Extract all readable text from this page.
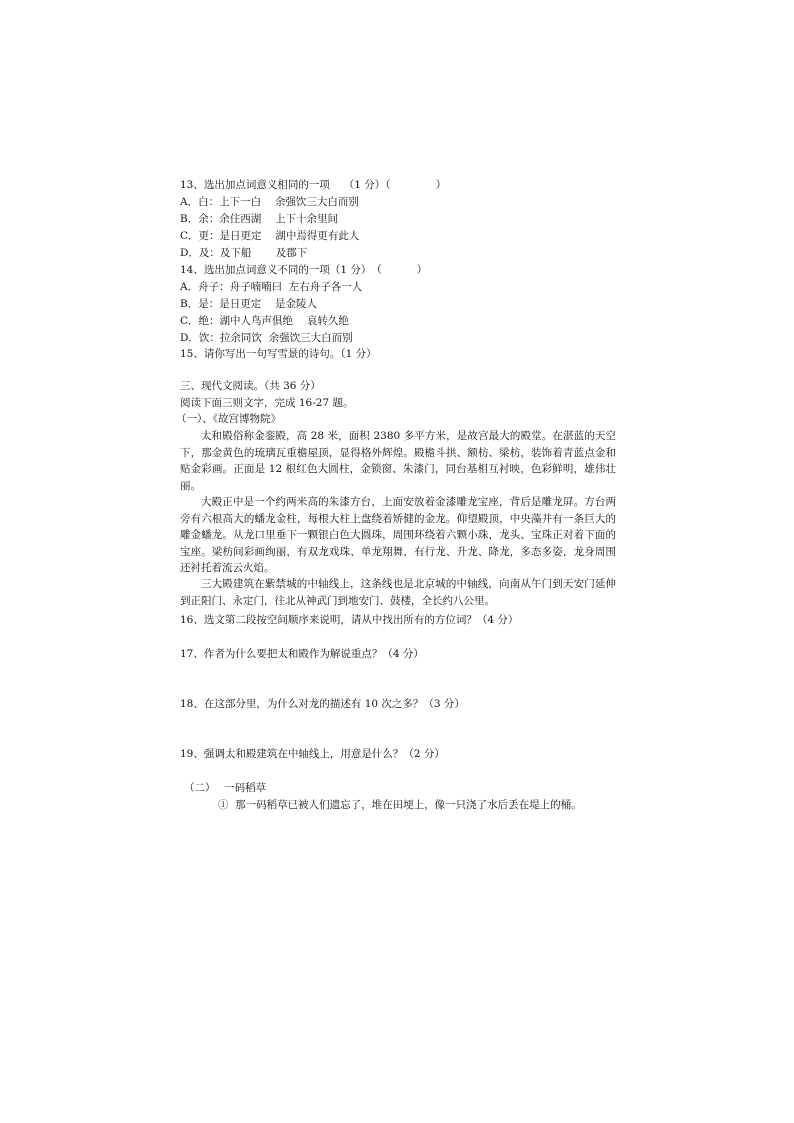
13、选出加点词意义相同的一项　 （1 分）（　　　　 ）
A．白：上下一白　 余强饮三大白而别
B．余：余住西湖　 上下十余里间
C．更：是日更定　 湖中焉得更有此人
D．及：及下船　　 及郡下
14、选出加点词意义不同的一项（1 分）　（　　　 ）
A．舟子：舟子喃喃曰  左右舟子各一人
B．是：是日更定　 是金陵人
C．绝：湖中人鸟声俱绝　 哀转久绝
D．饮：拉余同饮  余强饮三大白而别
15、请你写出一句写雪景的诗句。（1 分）
三、现代文阅读。（共 36 分）
阅读下面三则文字，完成 16-27 题。
（一）、《故宫博物院》

太和殿俗称金銮殿，高 28 米，面积 2380 多平方米，是故宫最大的殿堂。在湛蓝的天空下，那金黄色的琉璃瓦重檐屋顶，显得格外辉煌。殿檐斗拱、额枋、梁枋，装饰着青蓝点金和贴金彩画。正面是 12 根红色大圆柱，金锁窗、朱漆门，同台基相互衬映，色彩鲜明，雄伟壮丽。

大殿正中是一个约两米高的朱漆方台，上面安放着金漆雕龙宝座，背后是雕龙屏。方台两旁有六根高大的蟠龙金柱，每根大柱上盘绕着矫健的金龙。仰望殿顶，中央藻井有一条巨大的雕金蟠龙。从龙口里垂下一颗银白色大圆珠，周围环绕着六颗小珠，龙头、宝珠正对着下面的宝座。梁枋间彩画绚丽，有双龙戏珠、单龙翔舞，有行龙、升龙、降龙，多态多姿，龙身周围还衬托着流云火焰。

三大殿建筑在紫禁城的中轴线上，这条线也是北京城的中轴线，向南从午门到天安门延伸到正阳门、永定门，往北从神武门到地安门、鼓楼，全长约八公里。

16、选文第二段按空间顺序来说明，请从中找出所有的方位词？（4 分）
17、作者为什么要把太和殿作为解说重点？（4 分）
18、在这部分里，为什么对龙的描述有 10 次之多？（3 分）
19、强调太和殿建筑在中轴线上，用意是什么？（2 分）
（二）　 一码稻草
①  那一码稻草已被人们遗忘了，堆在田埂上，像一只浇了水后丢在堤上的桶。
